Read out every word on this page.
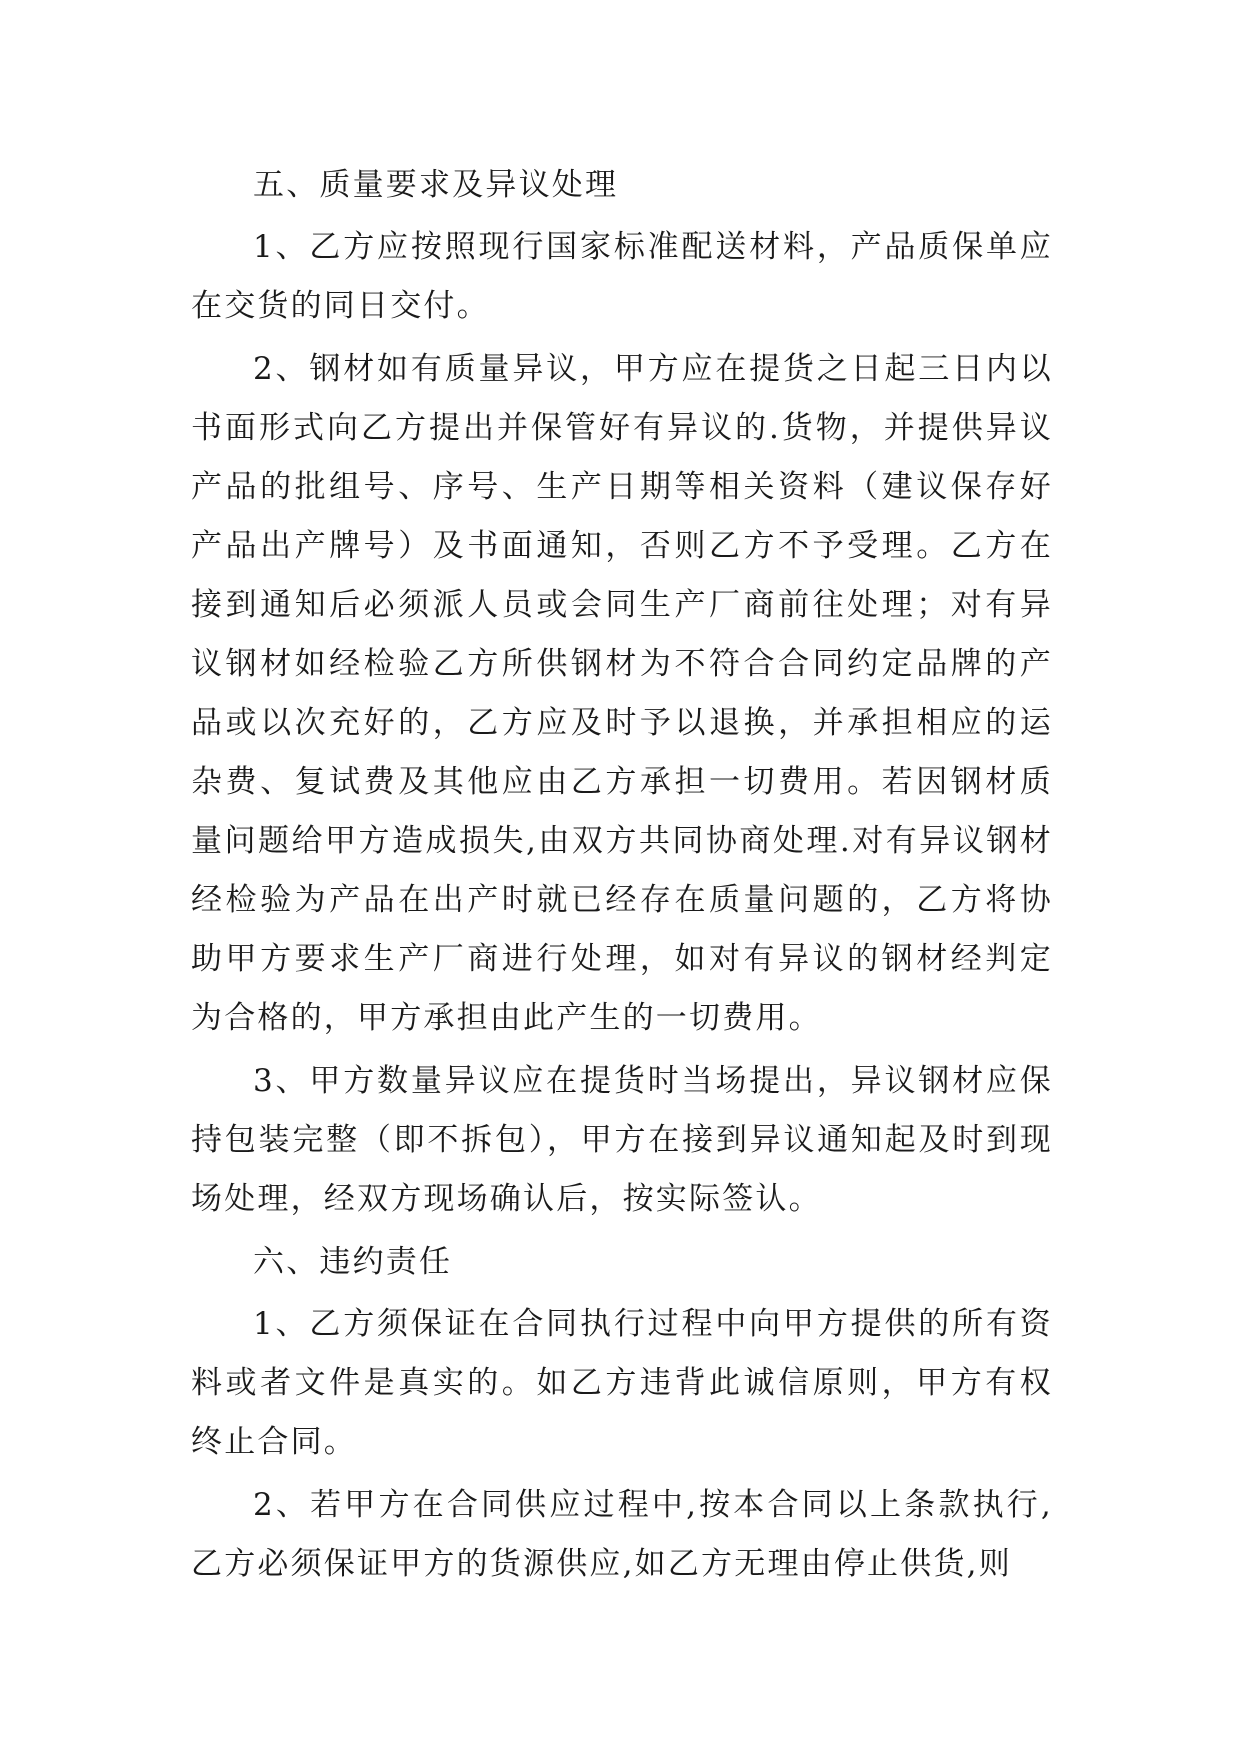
五、质量要求及异议处理

1、乙方应按照现行国家标准配送材料，产品质保单应在交货的同日交付。

2、钢材如有质量异议，甲方应在提货之日起三日内以书面形式向乙方提出并保管好有异议的.货物，并提供异议产品的批组号、序号、生产日期等相关资料（建议保存好产品出产牌号）及书面通知，否则乙方不予受理。乙方在接到通知后必须派人员或会同生产厂商前往处理；对有异议钢材如经检验乙方所供钢材为不符合合同约定品牌的产品或以次充好的，乙方应及时予以退换，并承担相应的运杂费、复试费及其他应由乙方承担一切费用。若因钢材质量问题给甲方造成损失,由双方共同协商处理.对有异议钢材经检验为产品在出产时就已经存在质量问题的，乙方将协助甲方要求生产厂商进行处理，如对有异议的钢材经判定为合格的，甲方承担由此产生的一切费用。

3、甲方数量异议应在提货时当场提出，异议钢材应保持包装完整（即不拆包），甲方在接到异议通知起及时到现场处理，经双方现场确认后，按实际签认。

六、违约责任

1、乙方须保证在合同执行过程中向甲方提供的所有资料或者文件是真实的。如乙方违背此诚信原则，甲方有权终止合同。

2、若甲方在合同供应过程中,按本合同以上条款执行,乙方必须保证甲方的货源供应,如乙方无理由停止供货,则
